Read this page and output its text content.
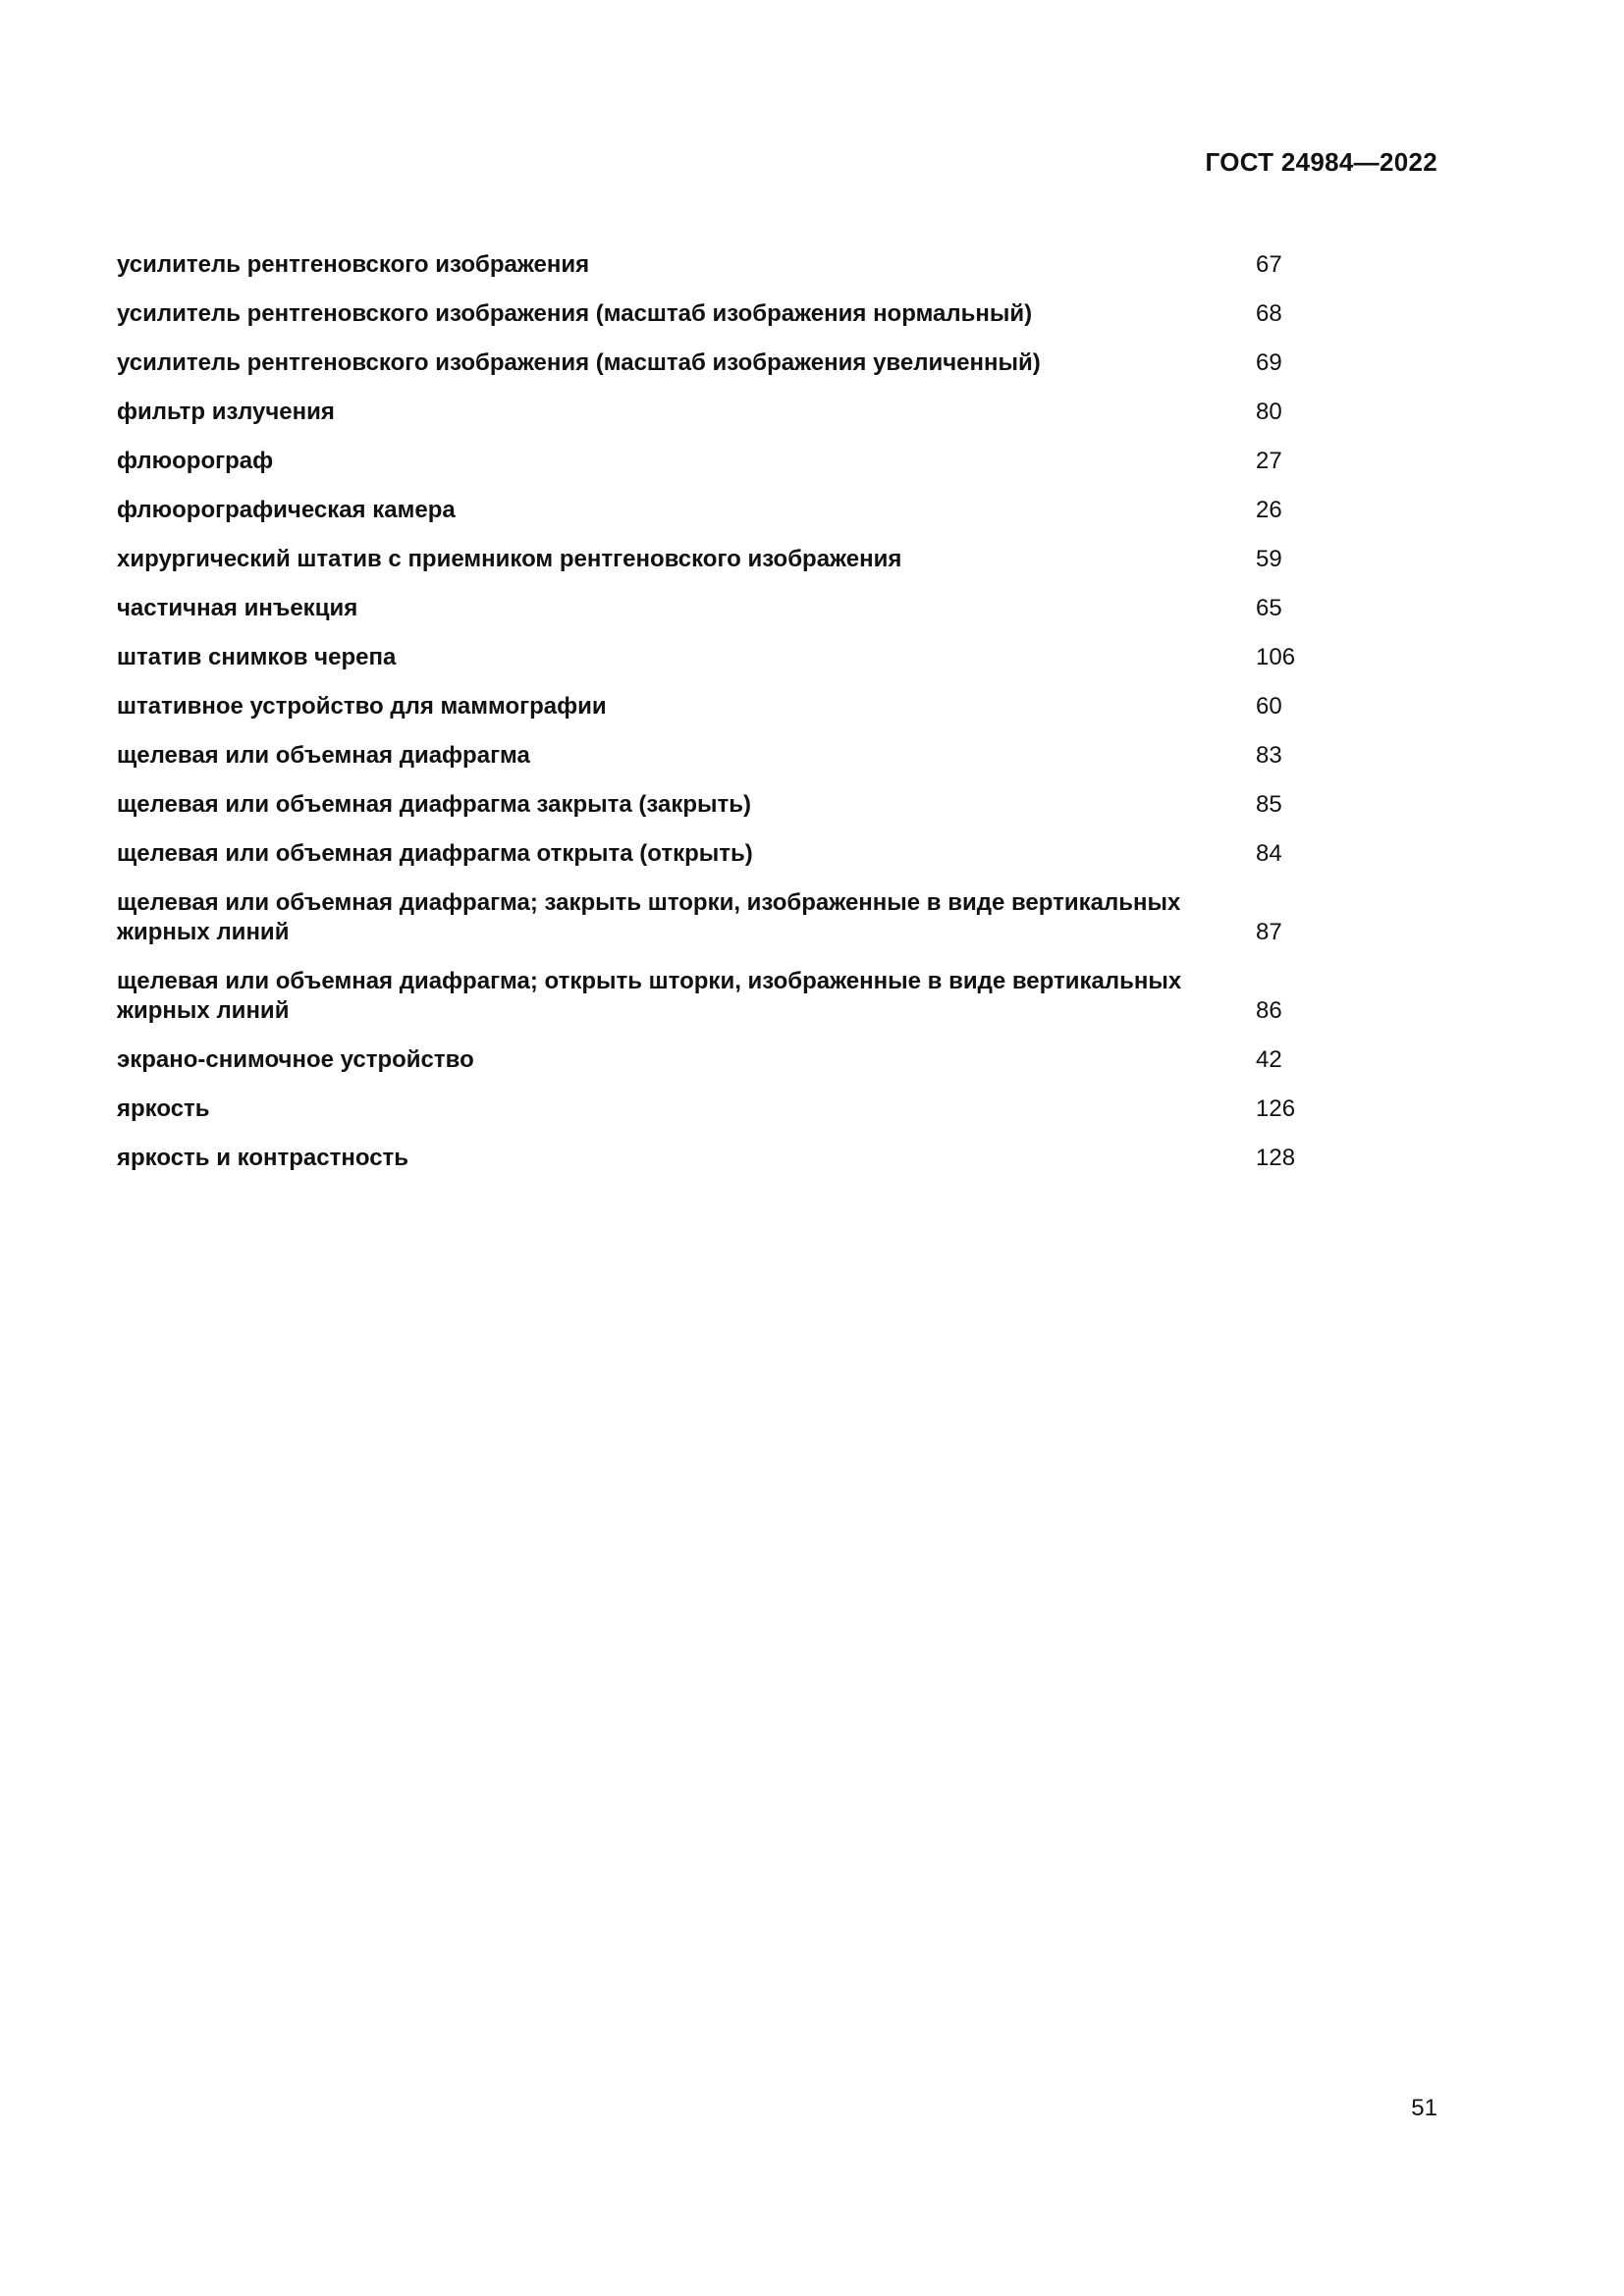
ГОСТ 24984—2022
усилитель рентгеновского изображения	67
усилитель рентгеновского изображения (масштаб изображения нормальный)	68
усилитель рентгеновского изображения (масштаб изображения увеличенный)	69
фильтр излучения	80
флюорограф	27
флюорографическая камера	26
хирургический штатив с приемником рентгеновского изображения	59
частичная инъекция	65
штатив снимков черепа	106
штативное устройство для маммографии	60
щелевая или объемная диафрагма	83
щелевая или объемная диафрагма закрыта (закрыть)	85
щелевая или объемная диафрагма открыта (открыть)	84
щелевая или объемная диафрагма; закрыть шторки, изображенные в виде вертикальных жирных линий	87
щелевая или объемная диафрагма; открыть шторки, изображенные в виде вертикальных жирных линий	86
экрано-снимочное устройство	42
яркость	126
яркость и контрастность	128
51
